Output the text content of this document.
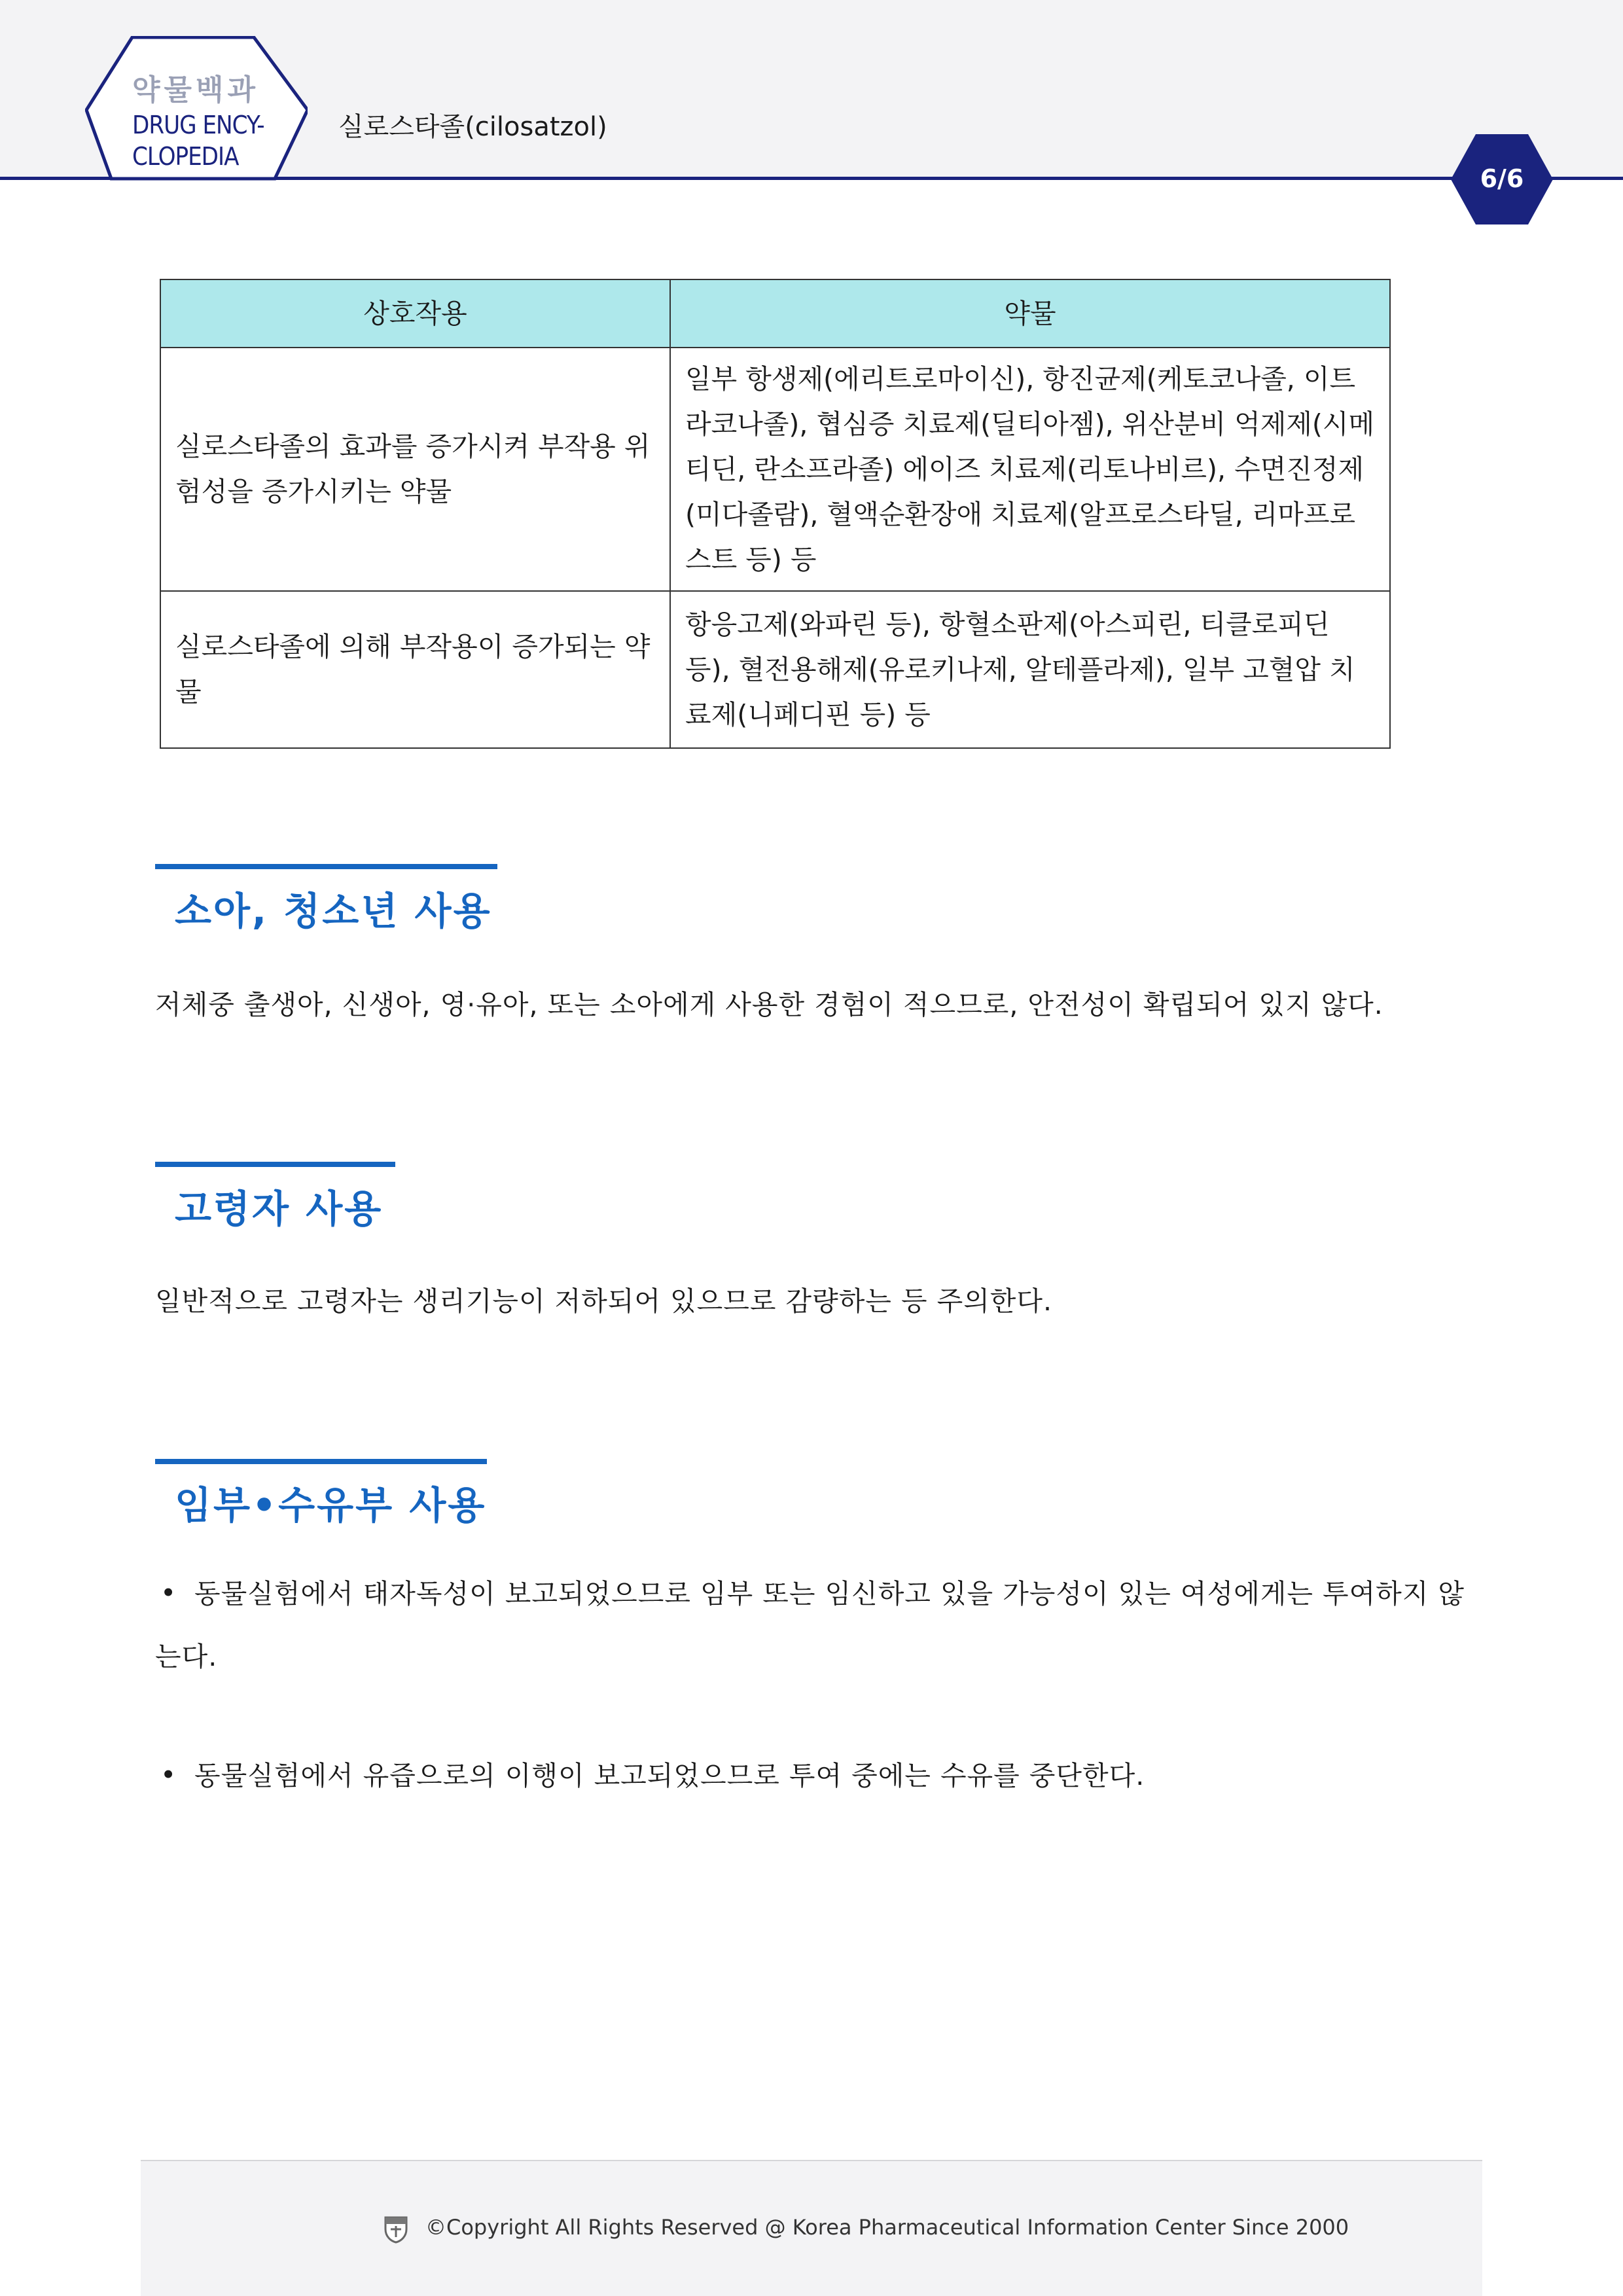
약물백과
DRUG ENCY-
CLOPEDIA
실로스타졸(cilosatzol)
6/6
상호작용	약물
실로스타졸의 효과를 증가시켜 부작용 위험성을 증가시키는 약물	일부 항생제(에리트로마이신), 항진균제(케토코나졸, 이트라코나졸), 협심증 치료제(딜티아젬), 위산분비 억제제(시메티딘, 란소프라졸) 에이즈 치료제(리토나비르), 수면진정제(미다졸람), 혈액순환장애 치료제(알프로스타딜, 리마프로스트 등) 등
실로스타졸에 의해 부작용이 증가되는 약물	항응고제(와파린 등), 항혈소판제(아스피린, 티클로피딘 등), 혈전용해제(유로키나제, 알테플라제), 일부 고혈압 치료제(니페디핀 등) 등
소아, 청소년 사용
저체중 출생아, 신생아, 영·유아, 또는 소아에게 사용한 경험이 적으므로, 안전성이 확립되어 있지 않다.
고령자 사용
일반적으로 고령자는 생리기능이 저하되어 있으므로 감량하는 등 주의한다.
임부•수유부 사용
• 동물실험에서 태자독성이 보고되었으므로 임부 또는 임신하고 있을 가능성이 있는 여성에게는 투여하지 않는다.
• 동물실험에서 유즙으로의 이행이 보고되었으므로 투여 중에는 수유를 중단한다.
©Copyright All Rights Reserved @ Korea Pharmaceutical Information Center Since 2000
